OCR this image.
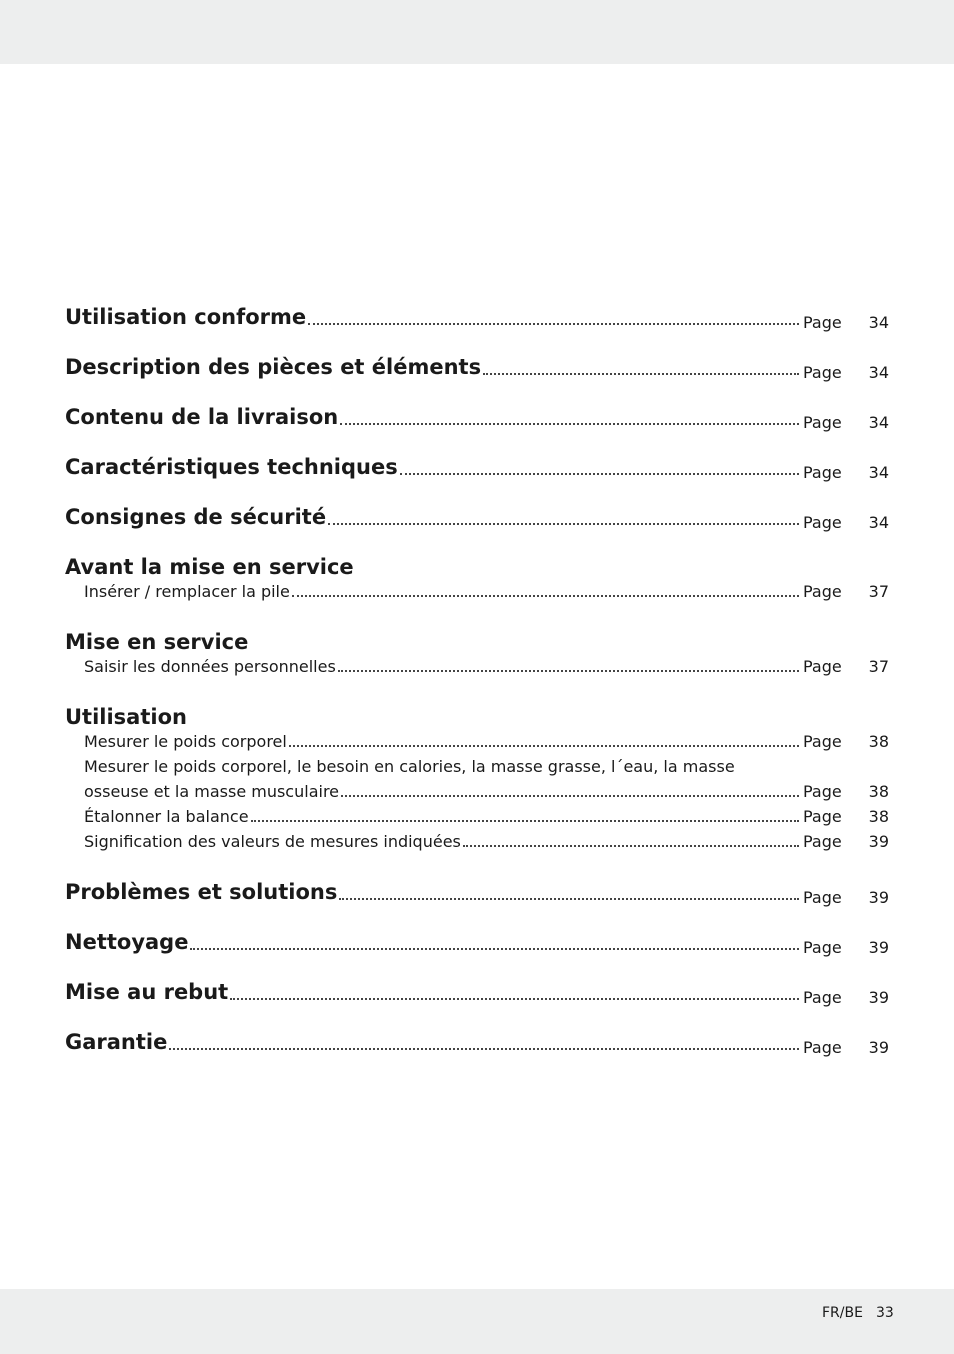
Utilisation conforme	Page	34
Description des pièces et éléments	Page	34
Contenu de la livraison	Page	34
Caractéristiques techniques	Page	34
Consignes de sécurité	Page	34
Avant la mise en service
Insérer / remplacer la pile	Page	37
Mise en service
Saisir les données personnelles	Page	37
Utilisation
Mesurer le poids corporel	Page	38
Mesurer le poids corporel, le besoin en calories, la masse grasse, l´eau, la masse
osseuse et la masse musculaire	Page	38
Étalonner la balance	Page	38
Signification des valeurs de mesures indiquées	Page	39
Problèmes et solutions	Page	39
Nettoyage	Page	39
Mise au rebut	Page	39
Garantie	Page	39
FR/BE 33
